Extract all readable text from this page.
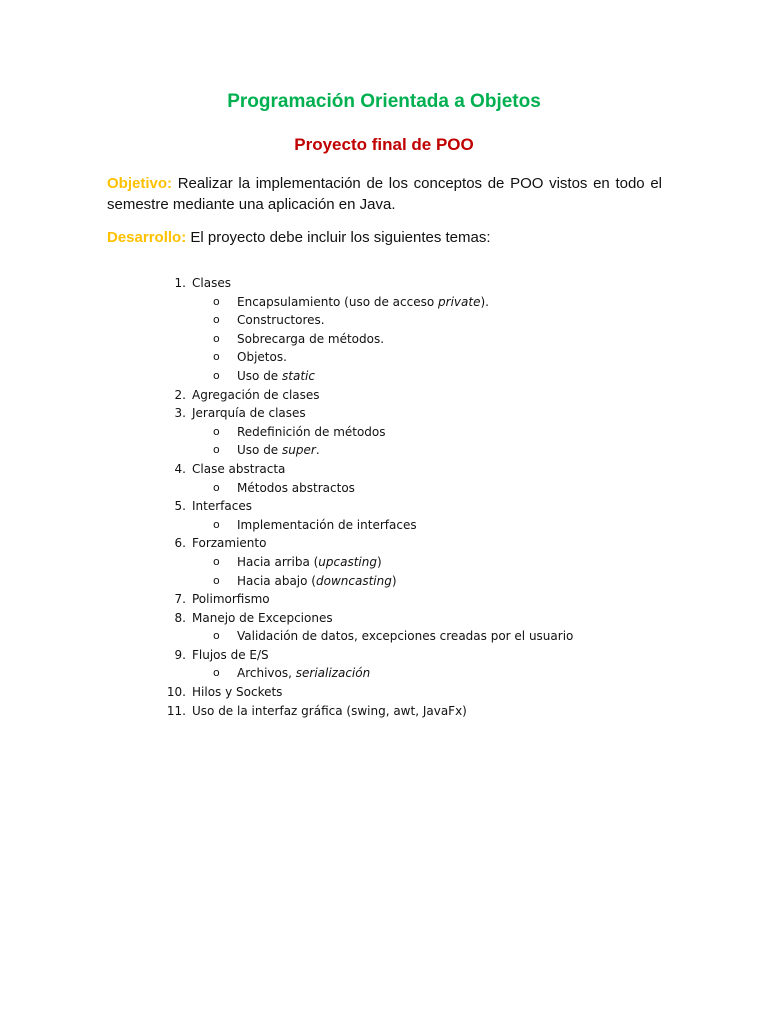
Programación Orientada a Objetos
Proyecto final de POO

Objetivo: Realizar la implementación de los conceptos de POO vistos en todo el semestre mediante una aplicación en Java.

Desarrollo: El proyecto debe incluir los siguientes temas:

1. Clases
o Encapsulamiento (uso de acceso private).
o Constructores.
o Sobrecarga de métodos.
o Objetos.
o Uso de static
2. Agregación de clases
3. Jerarquía de clases
o Redefinición de métodos
o Uso de super.
4. Clase abstracta
o Métodos abstractos
5. Interfaces
o Implementación de interfaces
6. Forzamiento
o Hacia arriba (upcasting)
o Hacia abajo (downcasting)
7. Polimorfismo
8. Manejo de Excepciones
o Validación de datos, excepciones creadas por el usuario
9. Flujos de E/S
o Archivos, serialización
10. Hilos y Sockets
11. Uso de la interfaz gráfica (swing, awt, JavaFx)
